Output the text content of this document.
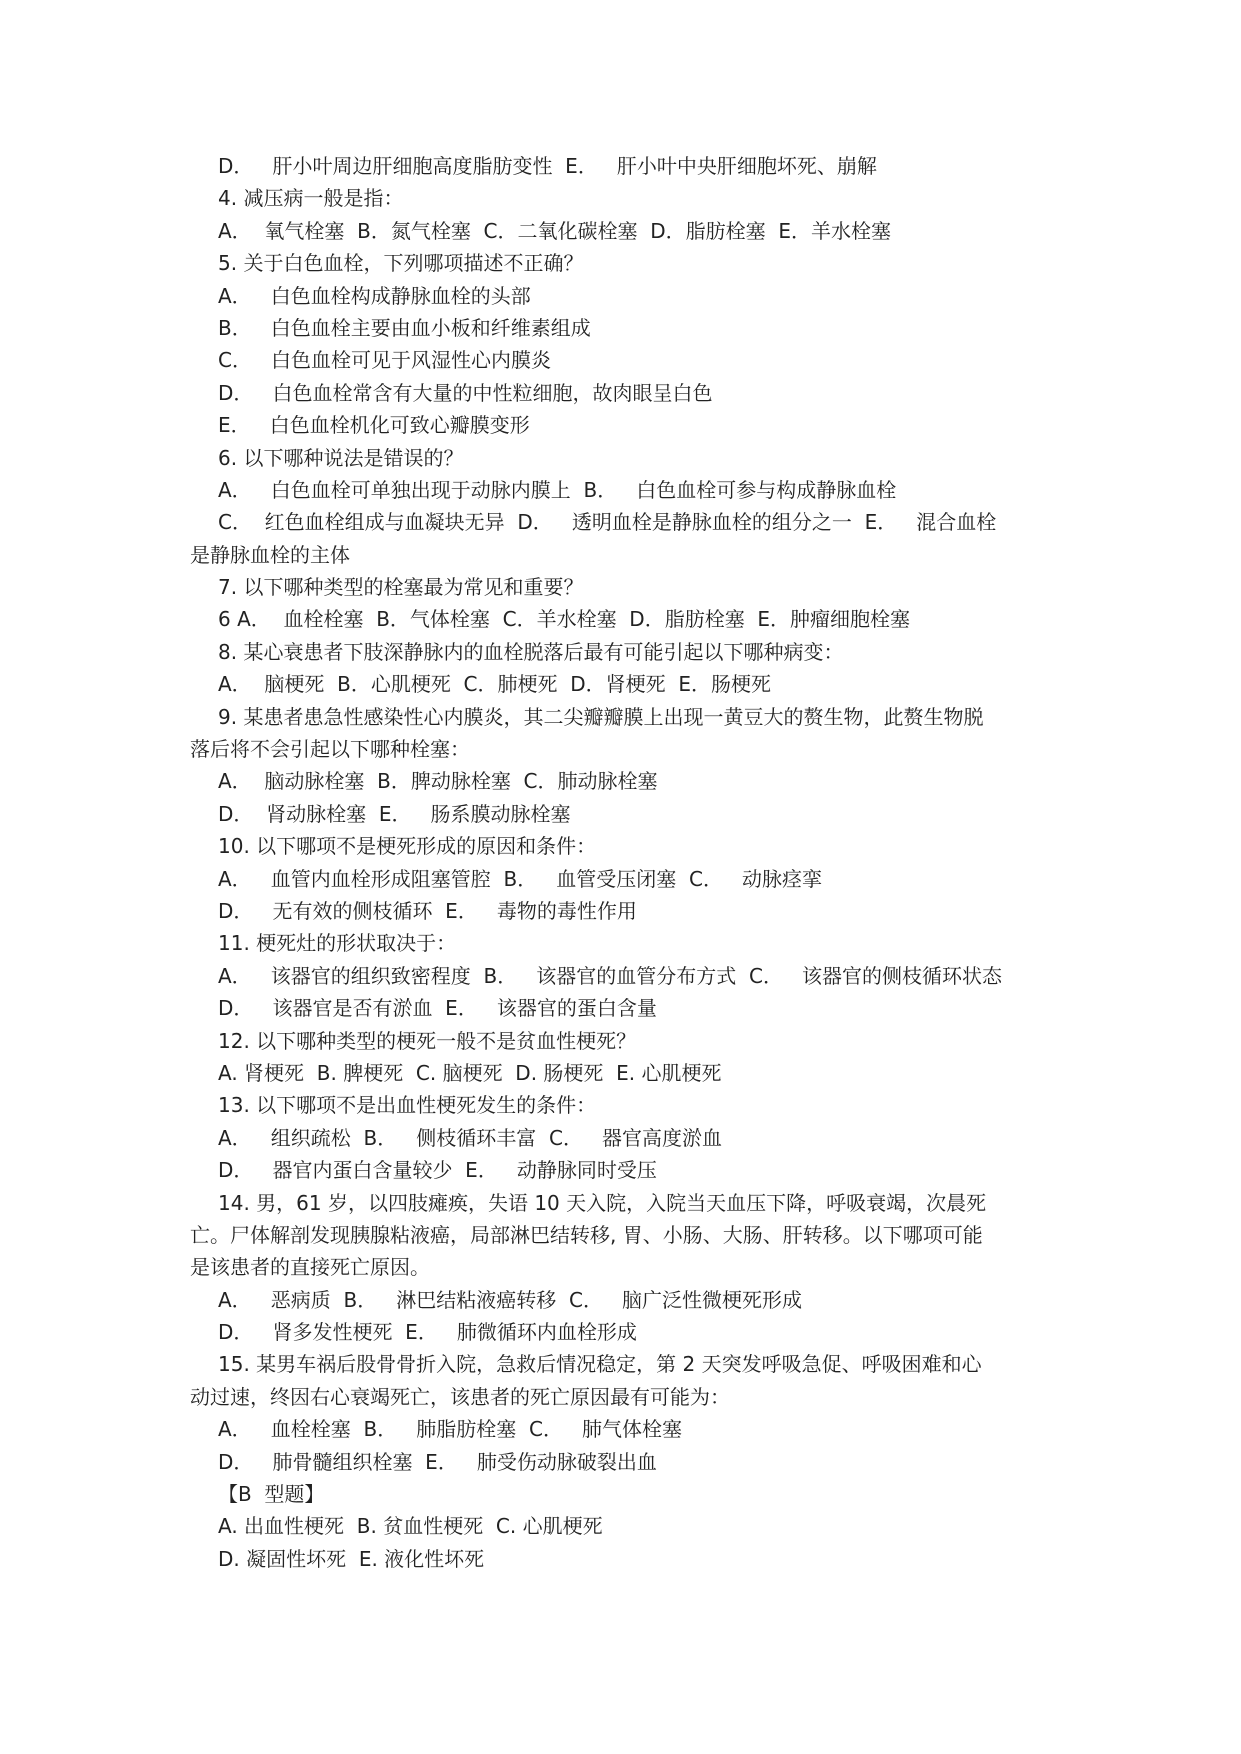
D．   肝小叶周边肝细胞高度脂肪变性  E．   肝小叶中央肝细胞坏死、崩解
4. 减压病一般是指：
A．  氧气栓塞  B．氮气栓塞  C．二氧化碳栓塞  D．脂肪栓塞  E．羊水栓塞
5. 关于白色血栓，下列哪项描述不正确？
A．   白色血栓构成静脉血栓的头部
B．   白色血栓主要由血小板和纤维素组成
C．   白色血栓可见于风湿性心内膜炎
D．   白色血栓常含有大量的中性粒细胞，故肉眼呈白色
E．   白色血栓机化可致心瓣膜变形
6. 以下哪种说法是错误的？
A．   白色血栓可单独出现于动脉内膜上  B．   白色血栓可参与构成静脉血栓
C．  红色血栓组成与血凝块无异  D．   透明血栓是静脉血栓的组分之一  E．   混合血栓
是静脉血栓的主体
7. 以下哪种类型的栓塞最为常见和重要？
6 A．  血栓栓塞  B．气体栓塞  C．羊水栓塞  D．脂肪栓塞  E．肿瘤细胞栓塞
8. 某心衰患者下肢深静脉内的血栓脱落后最有可能引起以下哪种病变：
A．  脑梗死  B．心肌梗死  C．肺梗死  D．肾梗死  E．肠梗死
9. 某患者患急性感染性心内膜炎，其二尖瓣瓣膜上出现一黄豆大的赘生物，此赘生物脱
落后将不会引起以下哪种栓塞：
A．  脑动脉栓塞  B．脾动脉栓塞  C．肺动脉栓塞
D．  肾动脉栓塞  E．   肠系膜动脉栓塞
10. 以下哪项不是梗死形成的原因和条件：
A．   血管内血栓形成阻塞管腔  B．   血管受压闭塞  C．   动脉痉挛
D．   无有效的侧枝循环  E．   毒物的毒性作用
11. 梗死灶的形状取决于：
A．   该器官的组织致密程度  B．   该器官的血管分布方式  C．   该器官的侧枝循环状态
D．   该器官是否有淤血  E．   该器官的蛋白含量
12. 以下哪种类型的梗死一般不是贫血性梗死？
A. 肾梗死  B. 脾梗死  C. 脑梗死  D. 肠梗死  E. 心肌梗死
13. 以下哪项不是出血性梗死发生的条件：
A．   组织疏松  B．   侧枝循环丰富  C．   器官高度淤血
D．   器官内蛋白含量较少  E．   动静脉同时受压
14. 男，61 岁，以四肢瘫痪，失语 10 天入院，入院当天血压下降，呼吸衰竭，次晨死
亡。尸体解剖发现胰腺粘液癌，局部淋巴结转移, 胃、小肠、大肠、肝转移。以下哪项可能
是该患者的直接死亡原因。
A．   恶病质  B．   淋巴结粘液癌转移  C．   脑广泛性微梗死形成
D．   肾多发性梗死  E．   肺微循环内血栓形成
15. 某男车祸后股骨骨折入院，急救后情况稳定，第 2 天突发呼吸急促、呼吸困难和心
动过速，终因右心衰竭死亡，该患者的死亡原因最有可能为：
A．   血栓栓塞  B．   肺脂肪栓塞  C．   肺气体栓塞
D．   肺骨髓组织栓塞  E．   肺受伤动脉破裂出血
【B  型题】
A. 出血性梗死  B. 贫血性梗死  C. 心肌梗死
D. 凝固性坏死  E. 液化性坏死
